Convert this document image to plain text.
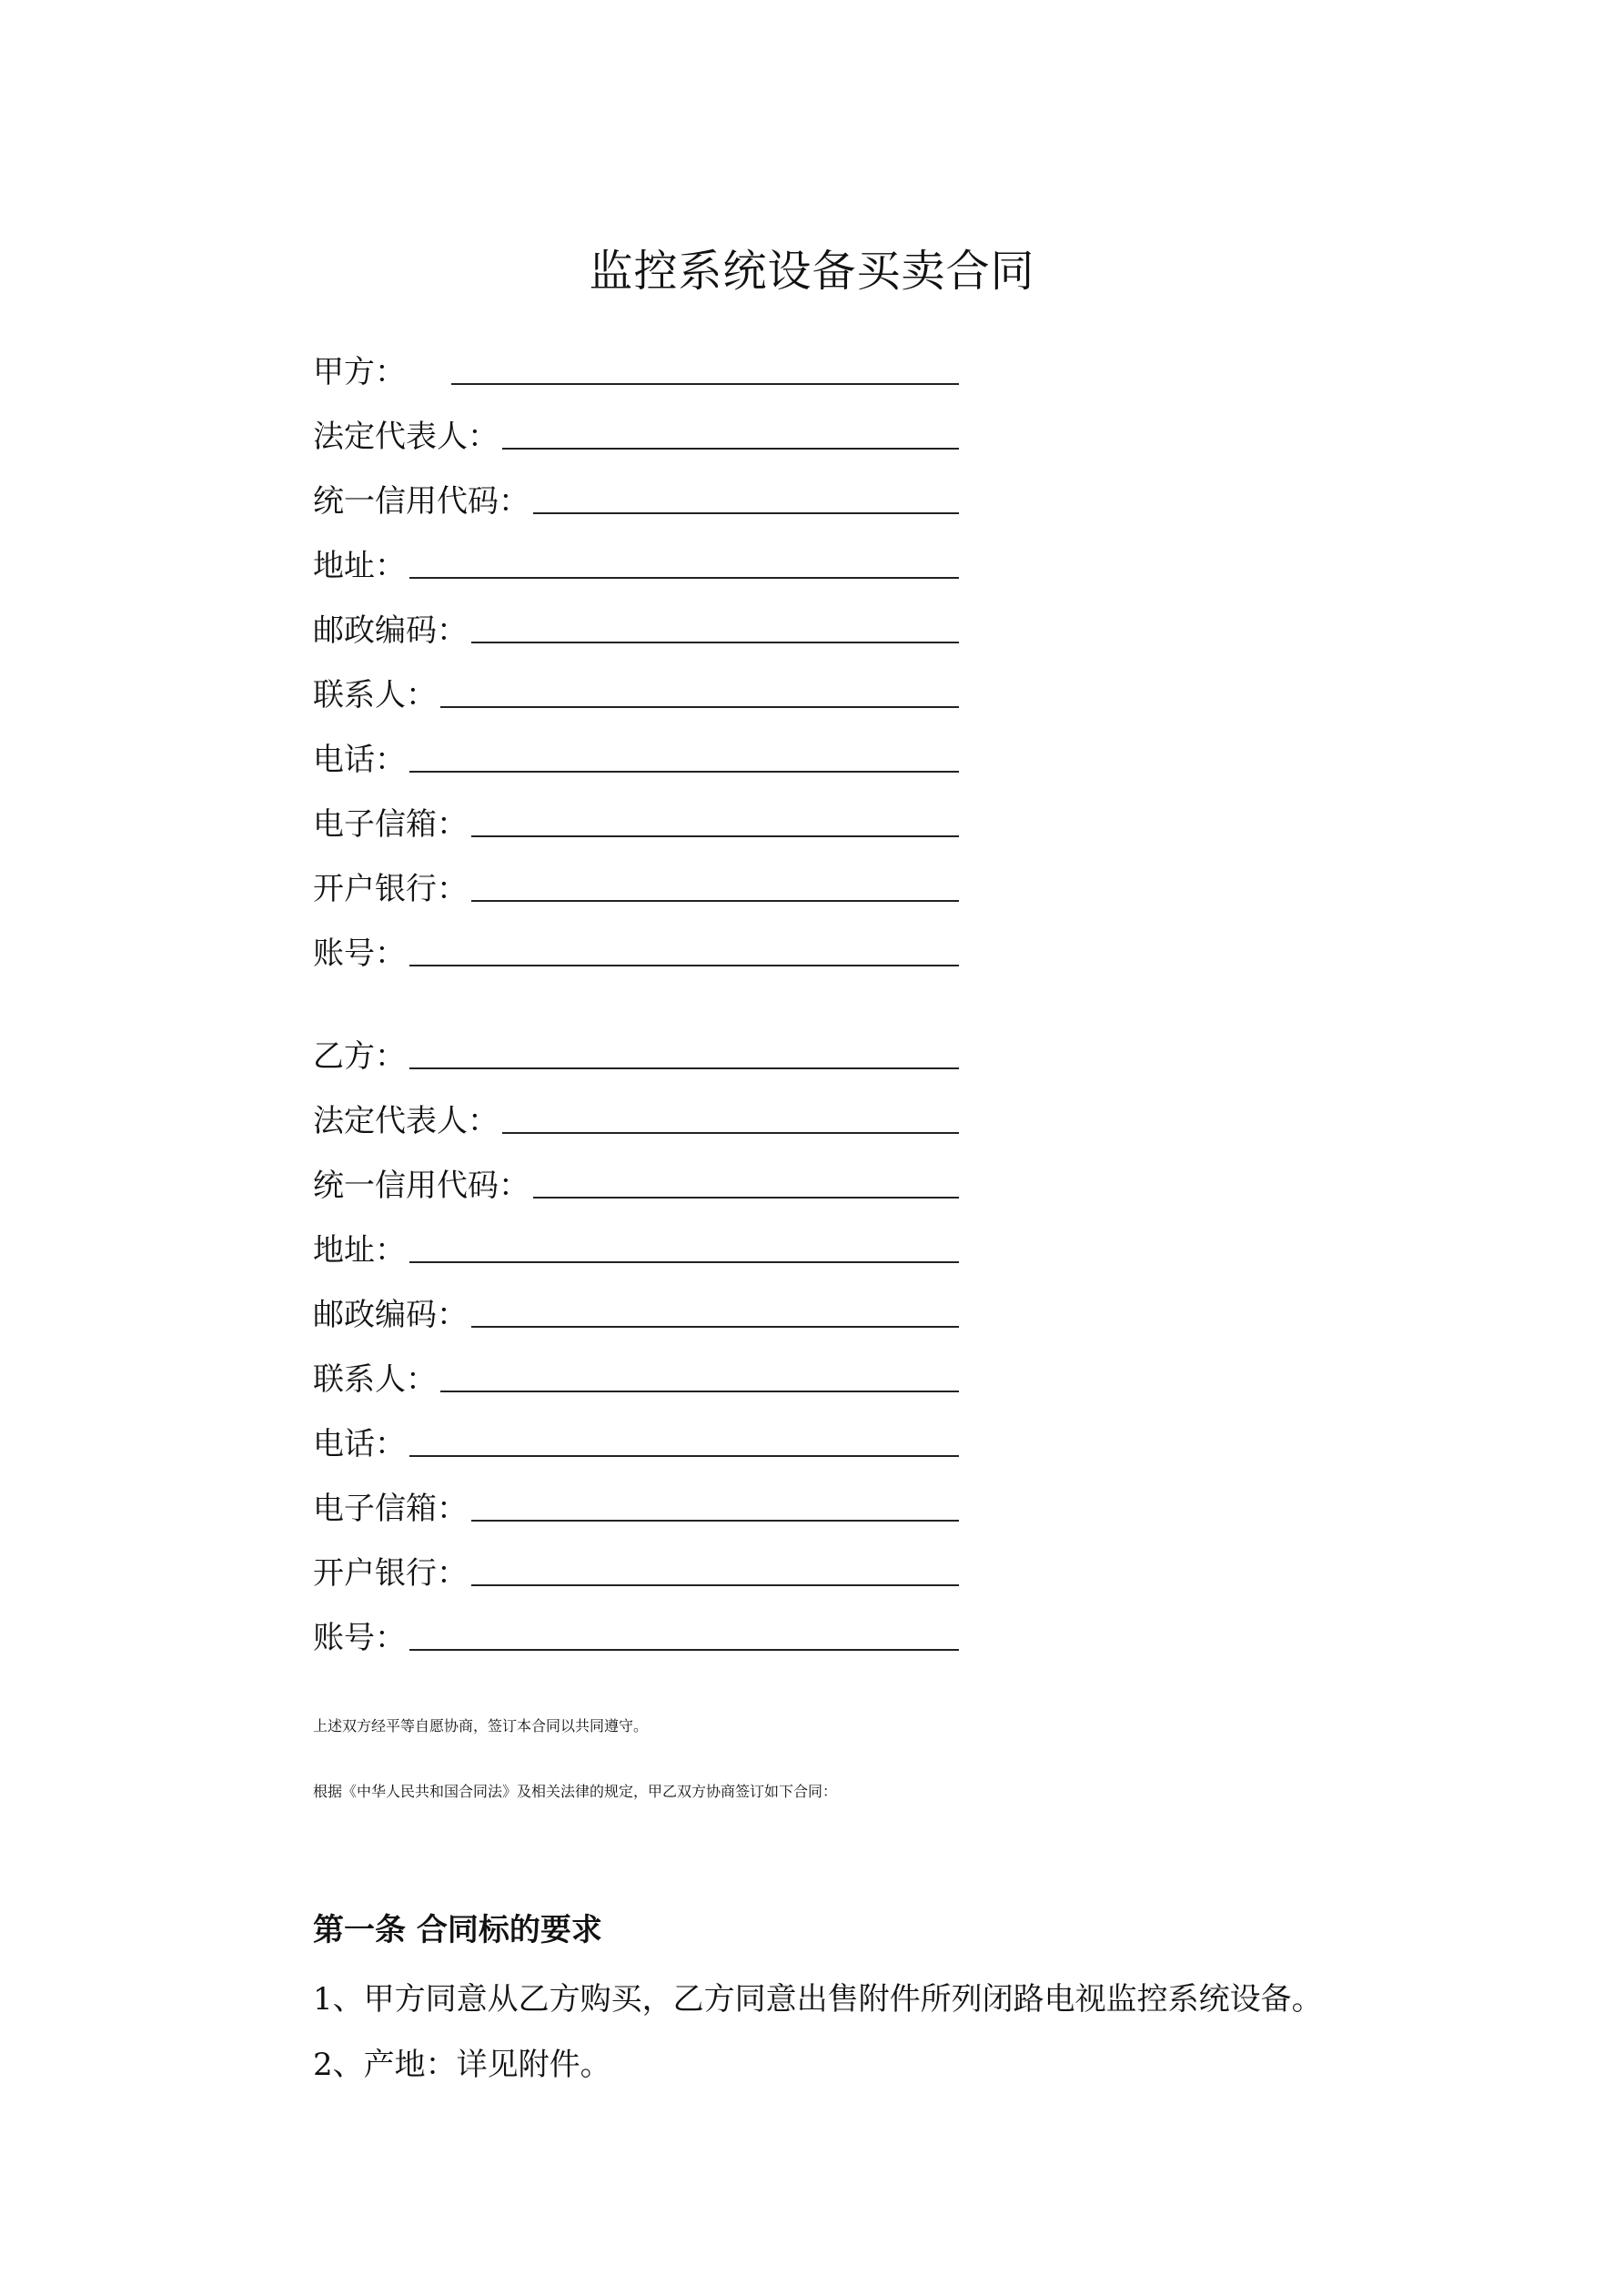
监控系统设备买卖合同
甲方：
法定代表人：
统一信用代码：
地址：
邮政编码：
联系人：
电话：
电子信箱：
开户银行：
账号：
乙方：
法定代表人：
统一信用代码：
地址：
邮政编码：
联系人：
电话：
电子信箱：
开户银行：
账号：

上述双方经平等自愿协商，签订本合同以共同遵守。

根据《中华人民共和国合同法》及相关法律的规定，甲乙双方协商签订如下合同：

第一条 合同标的要求
1、甲方同意从乙方购买，乙方同意出售附件所列闭路电视监控系统设备。
2、产地：详见附件。
